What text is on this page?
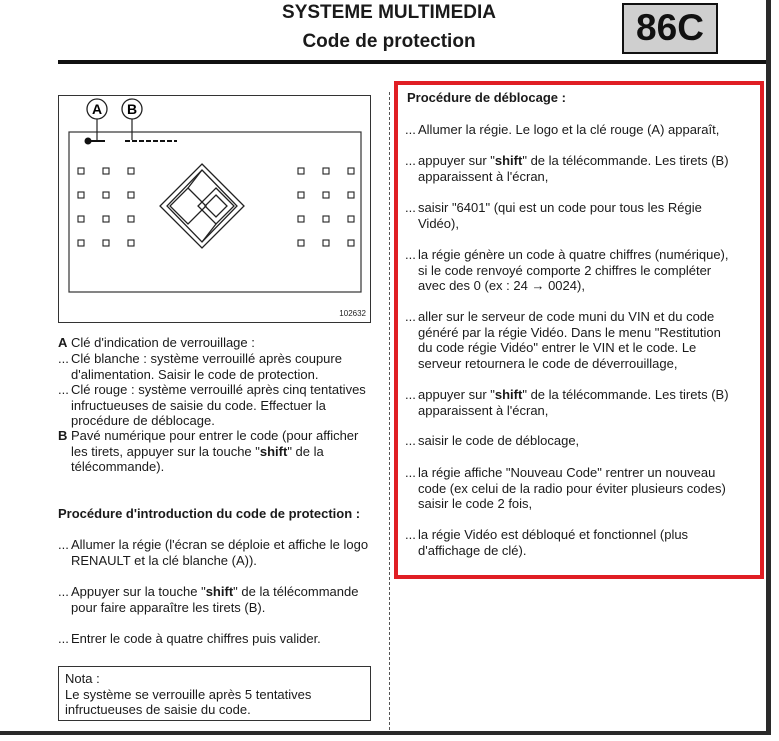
SYSTEME MULTIMEDIA
Code de protection	86C
A B
102632
A Clé d'indication de verrouillage :
... Clé blanche : système verrouillé après coupure d'alimentation. Saisir le code de protection.
... Clé rouge : système verrouillé après cinq tentatives infructueuses de saisie du code. Effectuer la procédure de déblocage.
B Pavé numérique pour entrer le code (pour afficher les tirets, appuyer sur la touche "shift" de la télécommande).
Procédure d'introduction du code de protection :
... Allumer la régie (l'écran se déploie et affiche le logo RENAULT et la clé blanche (A)).
... Appuyer sur la touche "shift" de la télécommande pour faire apparaître les tirets (B).
... Entrer le code à quatre chiffres puis valider.
Nota :
Le système se verrouille après 5 tentatives infructueuses de saisie du code.
Procédure de déblocage :
... Allumer la régie. Le logo et la clé rouge (A) apparaît,
... appuyer sur "shift" de la télécommande. Les tirets (B) apparaissent à l'écran,
... saisir "6401" (qui est un code pour tous les Régie Vidéo),
... la régie génère un code à quatre chiffres (numérique), si le code renvoyé comporte 2 chiffres le compléter avec des 0 (ex : 24 → 0024),
... aller sur le serveur de code muni du VIN et du code généré par la régie Vidéo. Dans le menu "Restitution du code régie Vidéo" entrer le VIN et le code. Le serveur retournera le code de déverrouillage,
... appuyer sur "shift" de la télécommande. Les tirets (B) apparaissent à l'écran,
... saisir le code de déblocage,
... la régie affiche "Nouveau Code" rentrer un nouveau code (ex celui de la radio pour éviter plusieurs codes) saisir le code 2 fois,
... la régie Vidéo est débloqué et fonctionnel (plus d'affichage de clé).
